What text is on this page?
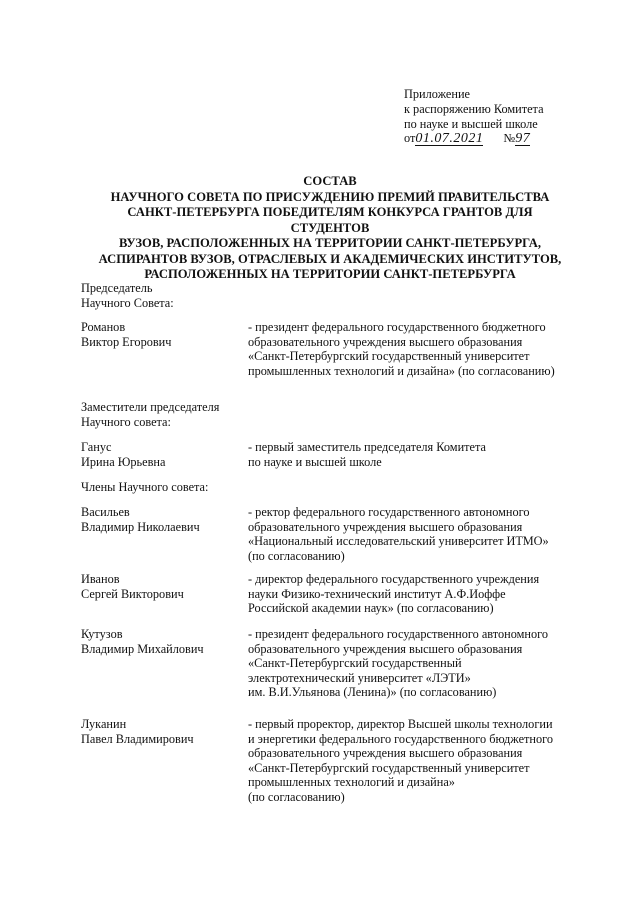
Приложение
к распоряжению Комитета
по науке и высшей школе
от01.07.2021 №97
СОСТАВ
НАУЧНОГО СОВЕТА ПО ПРИСУЖДЕНИЮ ПРЕМИЙ ПРАВИТЕЛЬСТВА
САНКТ-ПЕТЕРБУРГА ПОБЕДИТЕЛЯМ КОНКУРСА ГРАНТОВ ДЛЯ СТУДЕНТОВ
ВУЗОВ, РАСПОЛОЖЕННЫХ НА ТЕРРИТОРИИ САНКТ-ПЕТЕРБУРГА,
АСПИРАНТОВ ВУЗОВ, ОТРАСЛЕВЫХ И АКАДЕМИЧЕСКИХ ИНСТИТУТОВ,
РАСПОЛОЖЕННЫХ НА ТЕРРИТОРИИ САНКТ-ПЕТЕРБУРГА
Председатель
Научного Совета:
Романов
Виктор Егорович
- президент федерального государственного бюджетного
образовательного учреждения высшего образования
«Санкт-Петербургский государственный университет
промышленных технологий и дизайна» (по согласованию)
Заместители председателя
Научного совета:
Ганус
Ирина Юрьевна
- первый заместитель председателя Комитета
по науке и высшей школе
Члены Научного совета:
Васильев
Владимир Николаевич
- ректор федерального государственного автономного
образовательного учреждения высшего образования
«Национальный исследовательский университет ИТМО»
(по согласованию)
Иванов
Сергей Викторович
- директор федерального государственного учреждения
науки Физико-технический институт А.Ф.Иоффе
Российской академии наук» (по согласованию)
Кутузов
Владимир Михайлович
- президент федерального государственного автономного
образовательного учреждения высшего образования
«Санкт-Петербургский государственный
электротехнический университет «ЛЭТИ»
им. В.И.Ульянова (Ленина)» (по согласованию)
Луканин
Павел Владимирович
- первый проректор, директор Высшей школы технологии
и энергетики федерального государственного бюджетного
образовательного учреждения высшего образования
«Санкт-Петербургский государственный университет
промышленных технологий и дизайна»
(по согласованию)
